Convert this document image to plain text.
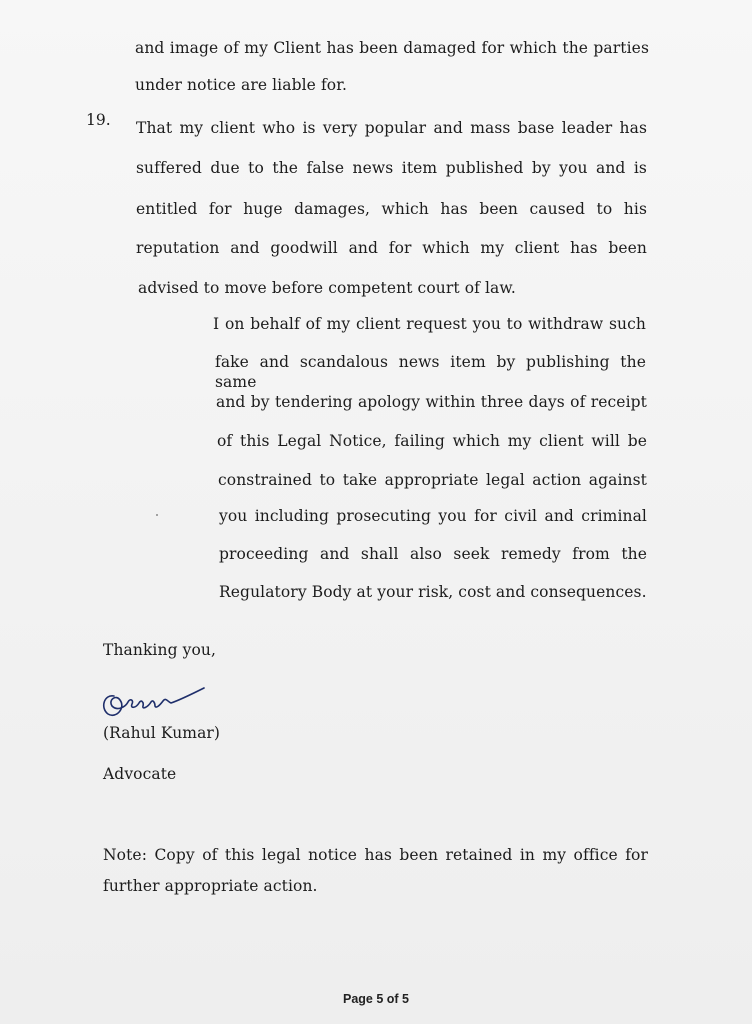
and image of my Client has been damaged for which the parties
under notice are liable for.
19. That my client who is very popular and mass base leader has
suffered due to the false news item published by you and is
entitled for huge damages, which has been caused to his
reputation and goodwill and for which my client has been
advised to move before competent court of law.
I on behalf of my client request you to withdraw such
fake and scandalous news item by publishing the same
and by tendering apology within three days of receipt
of this Legal Notice, failing which my client will be
constrained to take appropriate legal action against
you including prosecuting you for civil and criminal
proceeding and shall also seek remedy from the
Regulatory Body at your risk, cost and consequences.
Thanking you,
(Rahul Kumar)
Advocate
Note: Copy of this legal notice has been retained in my office for
further appropriate action.
Page 5 of 5
